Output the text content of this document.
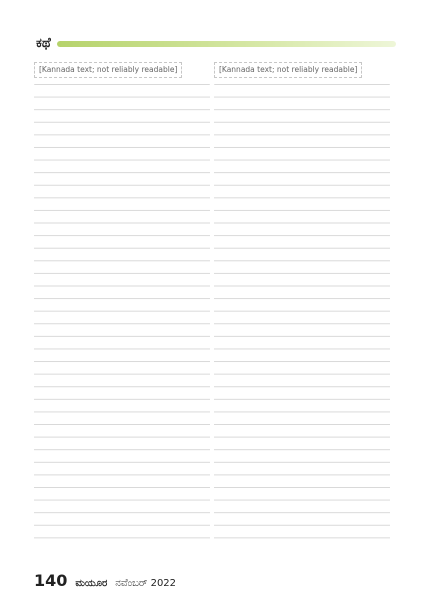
ಕಥೆ
[Kannada text; not reliably readable]	[Kannada text; not reliably readable]
140 ಮಯೂರ ನವೆಂಬರ್ 2022
